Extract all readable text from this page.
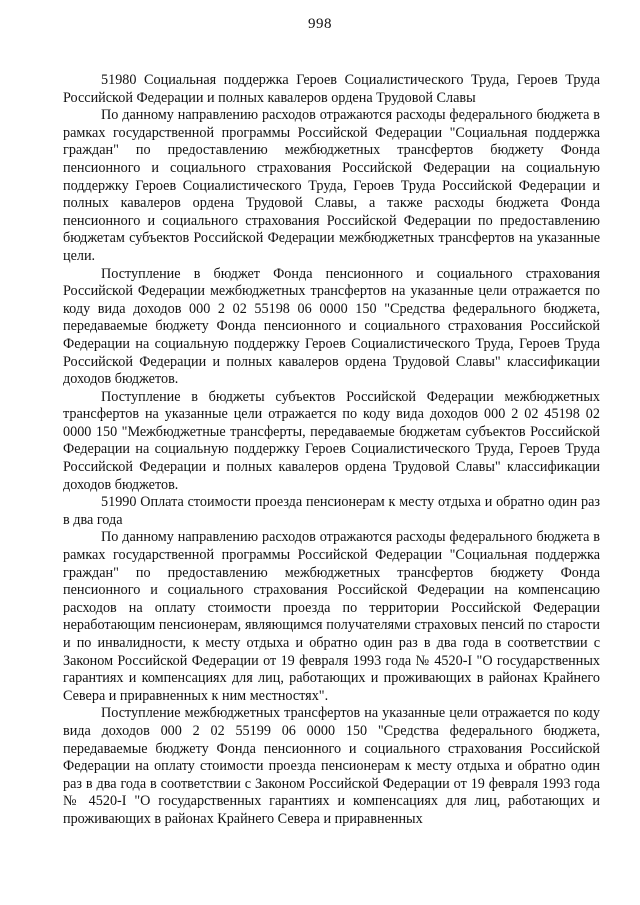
998

51980 Социальная поддержка Героев Социалистического Труда, Героев Труда Российской Федерации и полных кавалеров ордена Трудовой Славы

По данному направлению расходов отражаются расходы федерального бюджета в рамках государственной программы Российской Федерации "Социальная поддержка граждан" по предоставлению межбюджетных трансфертов бюджету Фонда пенсионного и социального страхования Российской Федерации на социальную поддержку Героев Социалистического Труда, Героев Труда Российской Федерации и полных кавалеров ордена Трудовой Славы, а также расходы бюджета Фонда пенсионного и социального страхования Российской Федерации по предоставлению бюджетам субъектов Российской Федерации межбюджетных трансфертов на указанные цели.

Поступление в бюджет Фонда пенсионного и социального страхования Российской Федерации межбюджетных трансфертов на указанные цели отражается по коду вида доходов 000 2 02 55198 06 0000 150 "Средства федерального бюджета, передаваемые бюджету Фонда пенсионного и социального страхования Российской Федерации на социальную поддержку Героев Социалистического Труда, Героев Труда Российской Федерации и полных кавалеров ордена Трудовой Славы" классификации доходов бюджетов.

Поступление в бюджеты субъектов Российской Федерации межбюджетных трансфертов на указанные цели отражается по коду вида доходов 000 2 02 45198 02 0000 150 "Межбюджетные трансферты, передаваемые бюджетам субъектов Российской Федерации на социальную поддержку Героев Социалистического Труда, Героев Труда Российской Федерации и полных кавалеров ордена Трудовой Славы" классификации доходов бюджетов.

51990 Оплата стоимости проезда пенсионерам к месту отдыха и обратно один раз в два года

По данному направлению расходов отражаются расходы федерального бюджета в рамках государственной программы Российской Федерации "Социальная поддержка граждан" по предоставлению межбюджетных трансфертов бюджету Фонда пенсионного и социального страхования Российской Федерации на компенсацию расходов на оплату стоимости проезда по территории Российской Федерации неработающим пенсионерам, являющимся получателями страховых пенсий по старости и по инвалидности, к месту отдыха и обратно один раз в два года в соответствии с Законом Российской Федерации от 19 февраля 1993 года № 4520-I "О государственных гарантиях и компенсациях для лиц, работающих и проживающих в районах Крайнего Севера и приравненных к ним местностях".

Поступление межбюджетных трансфертов на указанные цели отражается по коду вида доходов 000 2 02 55199 06 0000 150 "Средства федерального бюджета, передаваемые бюджету Фонда пенсионного и социального страхования Российской Федерации на оплату стоимости проезда пенсионерам к месту отдыха и обратно один раз в два года в соответствии с Законом Российской Федерации от 19 февраля 1993 года № 4520-I "О государственных гарантиях и компенсациях для лиц, работающих и проживающих в районах Крайнего Севера и приравненных
